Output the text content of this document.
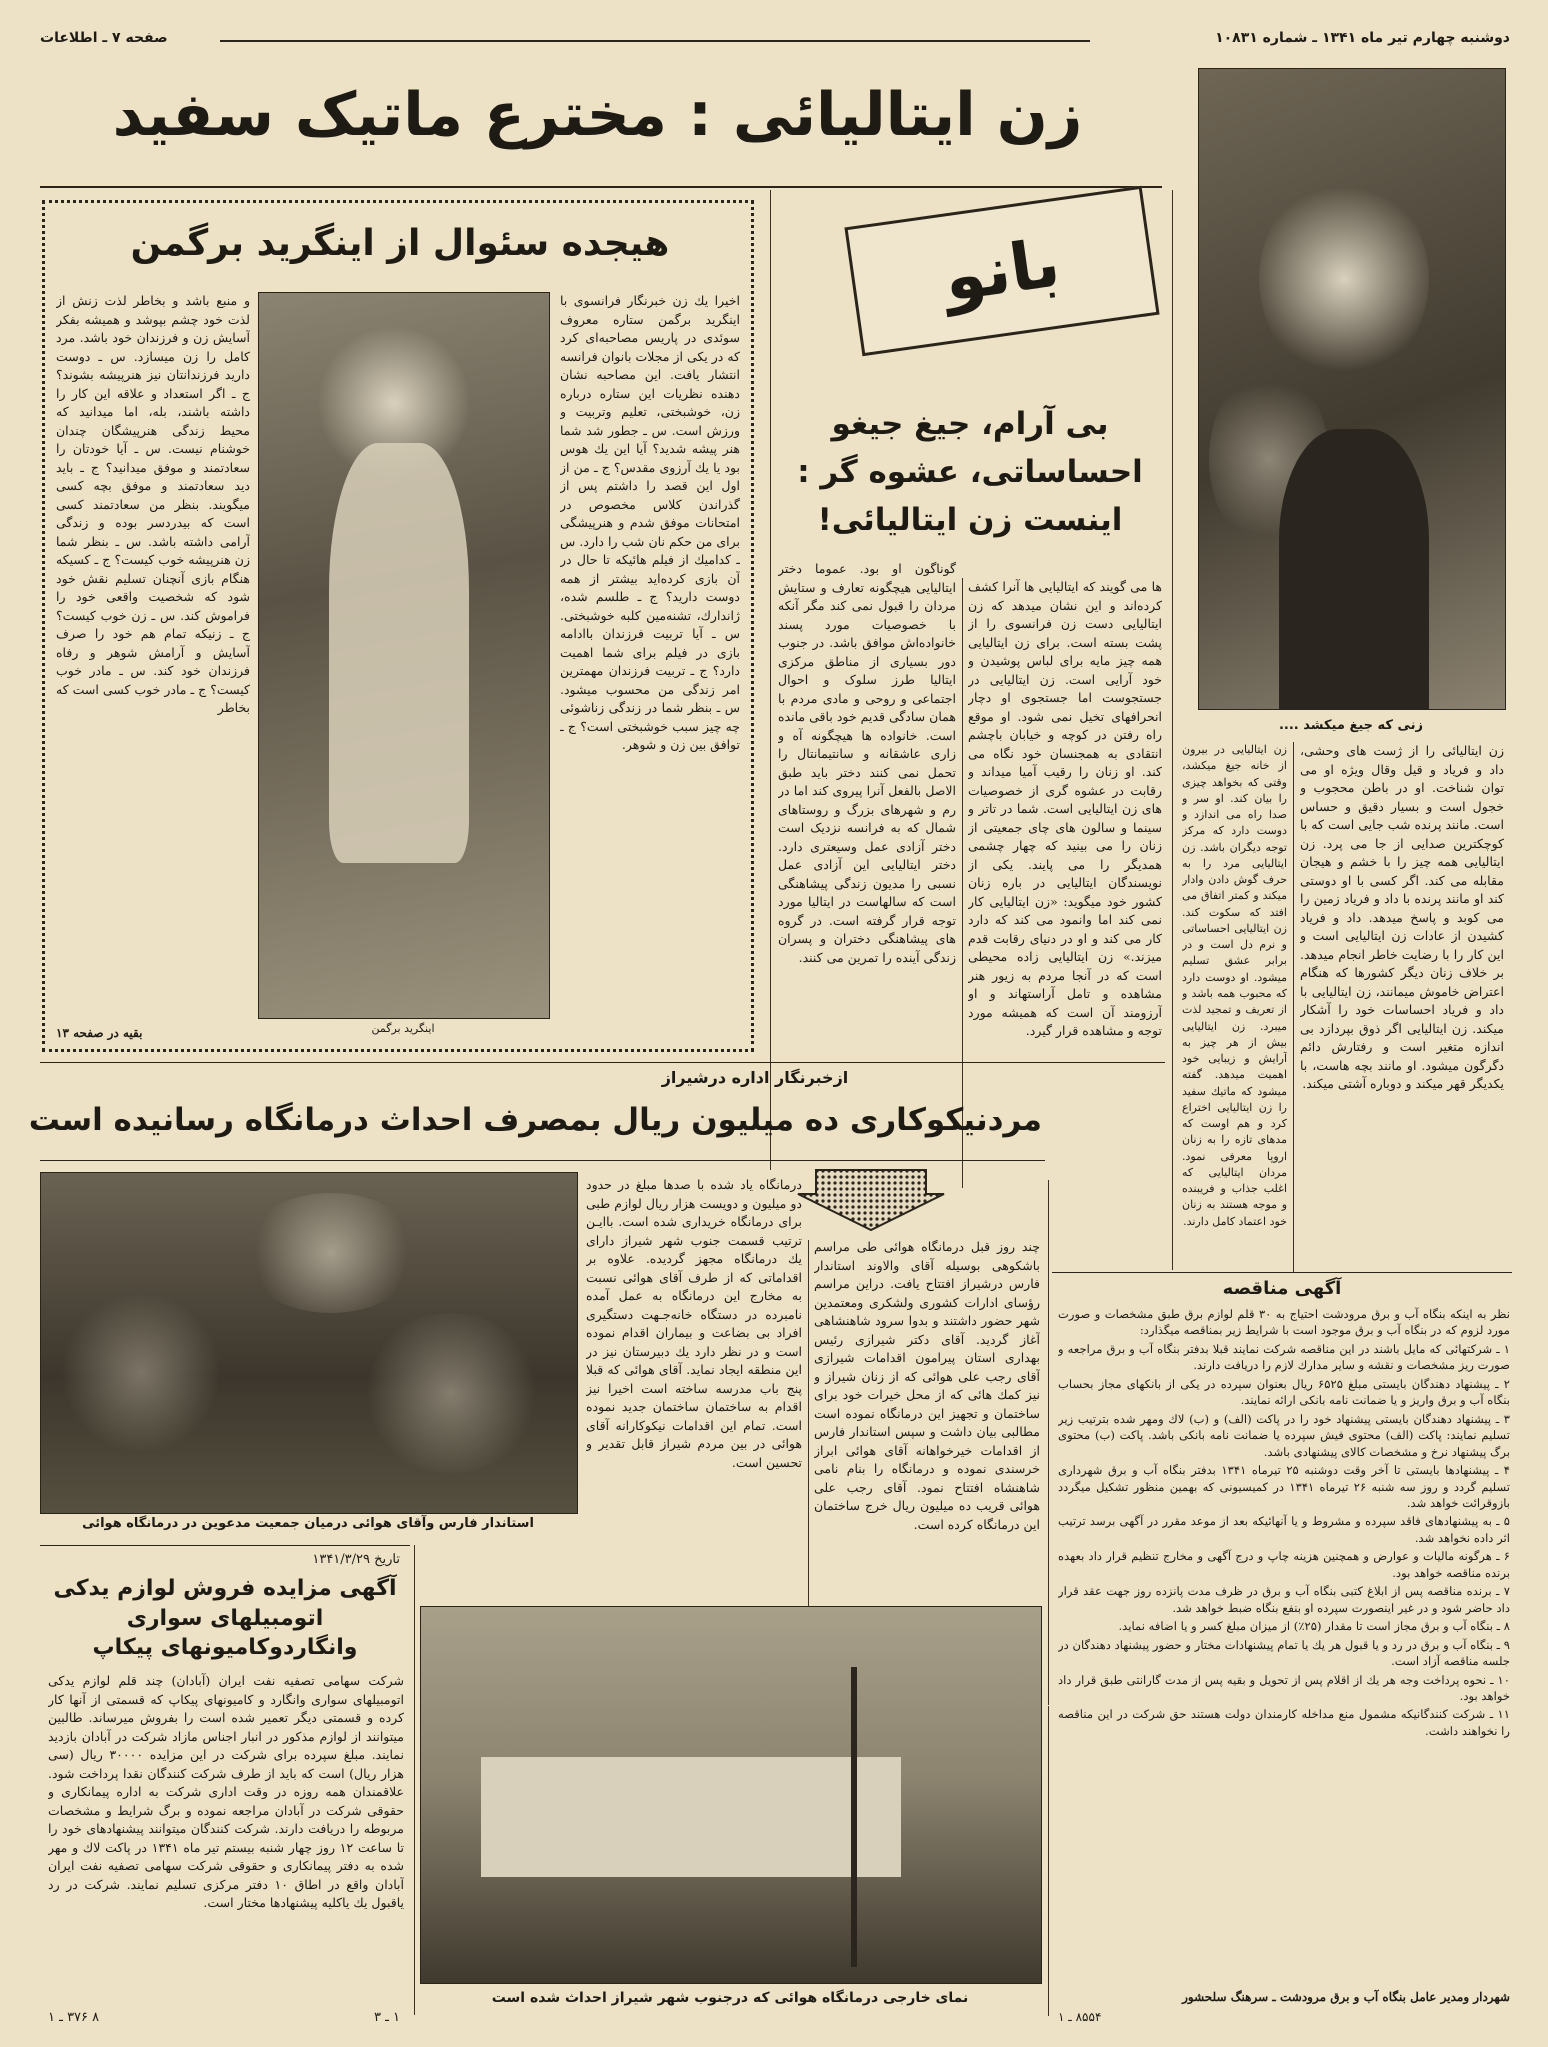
دوشنبه چهارم تیر ماه ۱۳۴۱ ـ شماره ۱۰۸۳۱
صفحه ۷ ـ اطلاعات
زن ایتالیائی : مخترع ماتیک سفید
زنی که جیغ میکشد ....
زن ایتالیائی را از ژست های وحشی، داد و فریاد و قیل وقال ویژه او می توان شناخت. او در باطن محجوب و خجول است و بسیار دقیق و حساس است. مانند پرنده شب جایی است که با کوچکترین صدایی از جا می پرد. زن ایتالیایی همه چیز را با خشم و هیجان مقابله می کند. اگر کسی با او دوستی کند او مانند پرنده با داد و فریاد زمین را می کوبد و پاسخ میدهد. داد و فریاد کشیدن از عادات زن ایتالیایی است و این کار را با رضایت خاطر انجام میدهد. بر خلاف زنان دیگر کشورها که هنگام اعتراض خاموش میمانند، زن ایتالیایی با داد و فریاد احساسات خود را آشکار میکند. زن ایتالیایی اگر ذوق بپردازد بی اندازه متغیر است و رفتارش دائم دگرگون میشود. او مانند بچه هاست، با یکدیگر قهر میکند و دوباره آشتی میکند.
زن ایتالیایی در بیرون از خانه جیغ میکشد، وقتی که بخواهد چیزی را بیان کند. او سر و صدا راه می اندازد و دوست دارد که مرکز توجه دیگران باشد. زن ایتالیایی مرد را به حرف گوش دادن وادار میکند و کمتر اتفاق می افتد که سکوت کند. زن ایتالیایی احساساتی و نرم دل است و در برابر عشق تسلیم میشود. او دوست دارد که محبوب همه باشد و از تعریف و تمجید لذت میبرد. زن ایتالیایی بیش از هر چیز به آرایش و زیبایی خود اهمیت میدهد. گفته میشود که ماتیك سفید را زن ایتالیایی اختراع کرد و هم اوست که مدهای تازه را به زنان اروپا معرفی نمود. مردان ایتالیایی که اغلب جذاب و فریبنده و موجه هستند به زنان خود اعتماد کامل دارند.
بانو
بی آرام، جیغ جیغو احساساتی، عشوه گر : اینست زن ایتالیائی!
ها می گویند که ایتالیایی ها آنرا کشف کرده‌اند و این نشان میدهد که زن ایتالیایی دست زن فرانسوی را از پشت بسته است. برای زن ایتالیایی همه چیز مایه برای لباس پوشیدن و خود آرایی است. زن ایتالیایی در جستجوست اما جستجوی او دچار انحرافهای تخیل نمی شود. او موقع راه رفتن در کوچه و خیابان باچشم انتقادی به همجنسان خود نگاه می کند. او زنان را رقیب آمیا میداند و رقابت در عشوه گری از خصوصیات های زن ایتالیایی است. شما در تاتر و سینما و سالون های چای جمعیتی از زنان را می بینید که چهار چشمی همدیگر را می پایند. یکی از نویسندگان ایتالیایی در باره زنان کشور خود میگوید: «زن ایتالیایی کار نمی کند اما وانمود می کند که دارد کار می کند و او در دنیای رقابت قدم میزند.» زن ایتالیایی زاده محیطی است که در آنجا مردم به زیور هنر مشاهده و تامل آراستهاند و او آرزومند آن است که همیشه مورد توجه و مشاهده قرار گیرد.
گوناگون او بود. عموما دختر ایتالیایی هیچگونه تعارف و ستایش مردان را قبول نمی کند مگر آنکه با خصوصیات مورد پسند خانواده‌اش موافق باشد. در جنوب دور بسیاری از مناطق مرکزی ایتالیا طرز سلوک و احوال اجتماعی و روحی و مادی مردم با همان سادگی قدیم خود باقی مانده است. خانواده ها هیچگونه آه و زاری عاشقانه و سانتیمانتال را تحمل نمی کنند دختر باید طبق الاصل بالفعل آنرا پیروی کند اما در رم و شهرهای بزرگ و روستاهای شمال که به فرانسه نزدیک است دختر آزادی عمل وسیعتری دارد. دختر ایتالیایی این آزادی عمل نسبی را مدیون زندگی پیشاهنگی است که سالهاست در ایتالیا مورد توجه قرار گرفته است. در گروه های پیشاهنگی دختران و پسران زندگی آینده را تمرین می کنند.
هیجده سئوال از اینگرید برگمن
اخیرا یك زن خبرنگار فرانسوی با اینگرید برگمن ستاره معروف سوئدی در پاریس مصاحبه‌ای کرد که در یکی از مجلات بانوان فرانسه انتشار یافت. این مصاحبه نشان دهنده نظریات این ستاره درباره زن، خوشبختی، تعلیم وتربیت و ورزش است. س ـ جطور شد شما هنر پیشه شدید؟ آیا این یك هوس بود یا یك آرزوی مقدس؟ ج ـ من از اول این قصد را داشتم پس از گذراندن کلاس مخصوص در امتحانات موفق شدم و هنرپیشگی برای من حکم نان شب را دارد. س ـ کدامیك از فیلم هائیکه تا حال در آن بازی کرده‌اید بیشتر از همه دوست دارید؟ ج ـ طلسم شده، ژاندارك، تشنه‌مین کلبه خوشبختی. س ـ آیا تربیت فرزندان باادامه بازی در فیلم برای شما اهمیت دارد؟ ج ـ تربیت فرزندان مهمترین امر زندگی من محسوب میشود. س ـ بنظر شما در زندگی زناشوئی چه چیز سبب خوشبختی است؟ ج ـ توافق بین زن و شوهر.
اینگرید برگمن
و منبع باشد و بخاطر لذت زنش از لذت خود چشم بپوشد و همیشه بفکر آسایش زن و فرزندان خود باشد. مرد کامل را زن میسازد. س ـ دوست دارید فرزندانتان نیز هنرپیشه بشوند؟ ج ـ اگر استعداد و علاقه این کار را داشته باشند، بله، اما میدانید که محیط زندگی هنرپیشگان چندان خوشنام نیست. س ـ آیا خودتان را سعادتمند و موفق میدانید؟ ج ـ باید دید سعادتمند و موفق بچه کسی میگویند. بنظر من سعادتمند کسی است که بیدردسر بوده و زندگی آرامی داشته باشد. س ـ بنظر شما زن هنرپیشه خوب کیست؟ ج ـ کسیکه هنگام بازی آنچنان تسلیم نقش خود شود که شخصیت واقعی خود را فراموش کند. س ـ زن خوب کیست؟ ج ـ زنیکه تمام هم خود را صرف آسایش و آرامش شوهر و رفاه فرزندان خود کند. س ـ مادر خوب کیست؟ ج ـ مادر خوب کسی است که بخاطر
بقیه در صفحه ۱۳
ازخبرنگار اداره درشیراز
مردنیکوکاری ده میلیون ریال بمصرف احداث درمانگاه رسانیده است
استاندار فارس وآقای هوائی درمیان جمعیت مدعوین در درمانگاه هوائی
چند روز قبل درمانگاه هوائی طی مراسم باشکوهی بوسیله آقای والاوند استاندار فارس درشیراز افتتاح یافت. دراین مراسم رؤسای ادارات کشوری ولشکری ومعتمدین شهر حضور داشتند و بدوا سرود شاهنشاهی آغاز گردید. آقای دکتر شیرازی رئیس بهداری استان پیرامون اقدامات شیرازی آقای رجب علی هوائی که از زنان شیراز و نیز کمك هائی که از محل خیرات خود برای ساختمان و تجهیز این درمانگاه نموده است مطالبی بیان داشت و سپس استاندار فارس از اقدامات خیرخواهانه آقای هوائی ابراز خرسندی نموده و درمانگاه را بنام نامی شاهنشاه افتتاح نمود. آقای رجب علی هوائی قریب ده میلیون ریال خرج ساختمان این درمانگاه کرده است.
درمانگاه یاد شده با صدها مبلغ در حدود دو میلیون و دویست هزار ریال لوازم طبی برای درمانگاه خریداری شده است. باایـن ترتیب قسمت جنوب شهر شیراز دارای یك درمانگاه مجهز گردیده. علاوه بر اقداماتی که از طرف آقای هوائی نسبت به مخارج این درمانگاه به عمل آمده نامبرده در دستگاه خانه‌جـهت دستگیری افراد بی بضاعت و بیماران اقدام نموده است و در نظر دارد یك دبیرستان نیز در این منطقه ایجاد نماید. آقای هوائی که قبلا پنج باب مدرسه ساخته است اخیرا نیز اقدام به ساختمان ساختمان جدید نموده است. تمام این اقدامات نیکوکارانه آقای هوائی در بین مردم شیراز قابل تقدیر و تحسین است.
نمای خارجی درمانگاه هوائی که درجنوب شهر شیراز احداث شده است
تاریخ ۱۳۴۱/۳/۲۹
آگهی مزایده فروش لوازم یدکی اتومبیلهای سواری وانگاردوکامیونهای پیکاپ
شرکت سهامی تصفیه نفت ایران (آبادان) چند قلم لوازم یدکی اتومبیلهای سواری وانگارد و کامیونهای پیکاپ که قسمتی از آنها کار کرده و قسمتی دیگر تعمیر شده است را بفروش میرساند. طالبین میتوانند از لوازم مذکور در انبار اجناس مازاد شرکت در آبادان بازدید نمایند. مبلغ سپرده برای شرکت در این مزایده ۳۰۰۰۰ ریال (سی هزار ریال) است که باید از طرف شرکت کنندگان نقدا پرداخت شود. علاقمندان همه روزه در وقت اداری شرکت به اداره پیمانکاری و حقوقی شرکت در آبادان مراجعه نموده و برگ شرایط و مشخصات مربوطه را دریافت دارند. شرکت کنندگان میتوانند پیشنهادهای خود را تا ساعت ۱۲ روز چهار شنبه بیستم تیر ماه ۱۳۴۱ در پاکت لاك و مهر شده به دفتر پیمانکاری و حقوقی شرکت سهامی تصفیه نفت ایران آبادان واقع در اطاق ۱۰ دفتر مرکزی تسلیم نمایند. شرکت در رد یاقبول یك یاکلیه پیشنهادها مختار است.
۱ ـ ۳
۸ ۳۷۶ ـ ۱
آگهی مناقصه

نظر به اینکه بنگاه آب و برق مرودشت احتیاج به ۳۰ قلم لوازم برق طبق مشخصات و صورت مورد لزوم که در بنگاه آب و برق موجود است با شرایط زیر بمناقصه میگذارد:

۱ ـ شرکتهائی که مایل باشند در این مناقصه شرکت نمایند قبلا بدفتر بنگاه آب و برق مراجعه و صورت ریز مشخصات و نقشه و سایر مدارك لازم را دریافت دارند.

۲ ـ پیشنهاد دهندگان بایستی مبلغ ۶۵۲۵ ریال بعنوان سپرده در یکی از بانکهای مجاز بحساب بنگاه آب و برق واریز و یا ضمانت نامه بانکی ارائه نمایند.

۳ ـ پیشنهاد دهندگان بایستی پیشنهاد خود را در پاکت (الف) و (ب) لاك ومهر شده بترتیب زیر تسلیم نمایند: پاکت (الف) محتوی فیش سپرده یا ضمانت نامه بانکی باشد. پاکت (ب) محتوی برگ پیشنهاد نرخ و مشخصات کالای پیشنهادی باشد.

۴ ـ پیشنهادها بایستی تا آخر وقت دوشنبه ۲۵ تیرماه ۱۳۴۱ بدفتر بنگاه آب و برق شهرداری تسلیم گردد و روز سه شنبه ۲۶ تیرماه ۱۳۴۱ در کمیسیونی که بهمین منظور تشکیل میگردد بازوقرائت خواهد شد.

۵ ـ به پیشنهادهای فاقد سپرده و مشروط و یا آنهائیکه بعد از موعد مقرر در آگهی برسد ترتیب اثر داده نخواهد شد.

۶ ـ هرگونه مالیات و عوارض و همچنین هزینه چاپ و درج آگهی و مخارج تنظیم قرار داد بعهده برنده مناقصه خواهد بود.

۷ ـ برنده مناقصه پس از ابلاغ کتبی بنگاه آب و برق در ظرف مدت پانزده روز جهت عقد قرار داد حاضر شود و در غیر اینصورت سپرده او بنفع بنگاه ضبط خواهد شد.

۸ ـ بنگاه آب و برق مجاز است تا مقدار (۲۵٪) از میزان مبلغ کسر و یا اضافه نماید.

۹ ـ بنگاه آب و برق در رد و یا قبول هر یك یا تمام پیشنهادات مختار و حضور پیشنهاد دهندگان در جلسه مناقصه آزاد است.

۱۰ ـ نحوه پرداخت وجه هر یك از اقلام پس از تحویل و بقیه پس از مدت گارانتی طبق قرار داد خواهد بود.

۱۱ ـ شرکت کنندگانیکه مشمول منع مداخله کارمندان دولت هستند حق شرکت در این مناقصه را نخواهند داشت.

شهردار ومدیر عامل بنگاه آب و برق مرودشت ـ سرهنگ سلحشور
۸۵۵۴ ـ ۱
